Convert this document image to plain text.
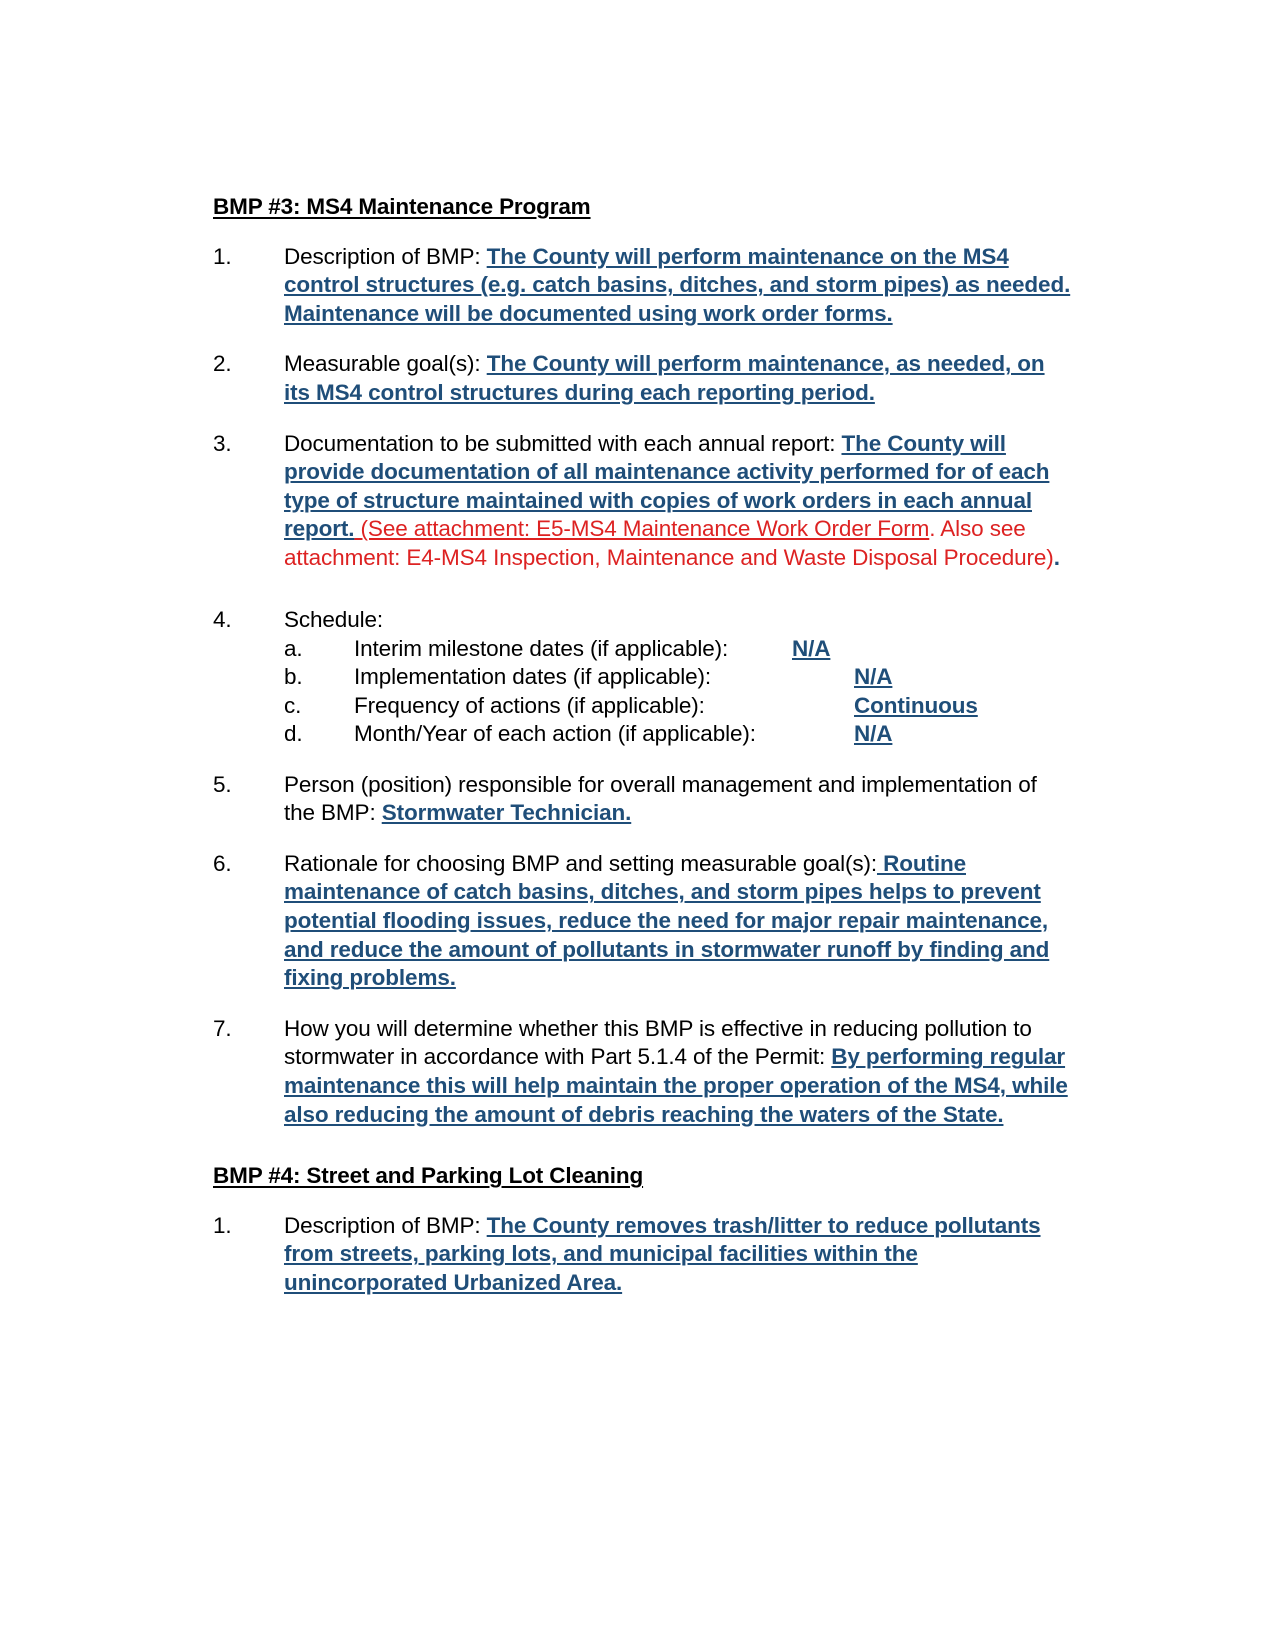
BMP #3: MS4 Maintenance Program
1.	Description of BMP: The County will perform maintenance on the MS4 control structures (e.g. catch basins, ditches, and storm pipes) as needed. Maintenance will be documented using work order forms.
2.	Measurable goal(s): The County will perform maintenance, as needed, on its MS4 control structures during each reporting period.
3.	Documentation to be submitted with each annual report: The County will provide documentation of all maintenance activity performed for of each type of structure maintained with copies of work orders in each annual report. (See attachment: E5-MS4 Maintenance Work Order Form. Also see attachment: E4-MS4 Inspection, Maintenance and Waste Disposal Procedure).
4.	Schedule:
a.	Interim milestone dates (if applicable):	N/A
b.	Implementation dates (if applicable):	N/A
c.	Frequency of actions (if applicable):	Continuous
d.	Month/Year of each action (if applicable):	N/A
5.	Person (position) responsible for overall management and implementation of the BMP: Stormwater Technician.
6.	Rationale for choosing BMP and setting measurable goal(s): Routine maintenance of catch basins, ditches, and storm pipes helps to prevent potential flooding issues, reduce the need for major repair maintenance, and reduce the amount of pollutants in stormwater runoff by finding and fixing problems.
7.	How you will determine whether this BMP is effective in reducing pollution to stormwater in accordance with Part 5.1.4 of the Permit: By performing regular maintenance this will help maintain the proper operation of the MS4, while also reducing the amount of debris reaching the waters of the State.
BMP #4: Street and Parking Lot Cleaning
1.	Description of BMP: The County removes trash/litter to reduce pollutants from streets, parking lots, and municipal facilities within the unincorporated Urbanized Area.
